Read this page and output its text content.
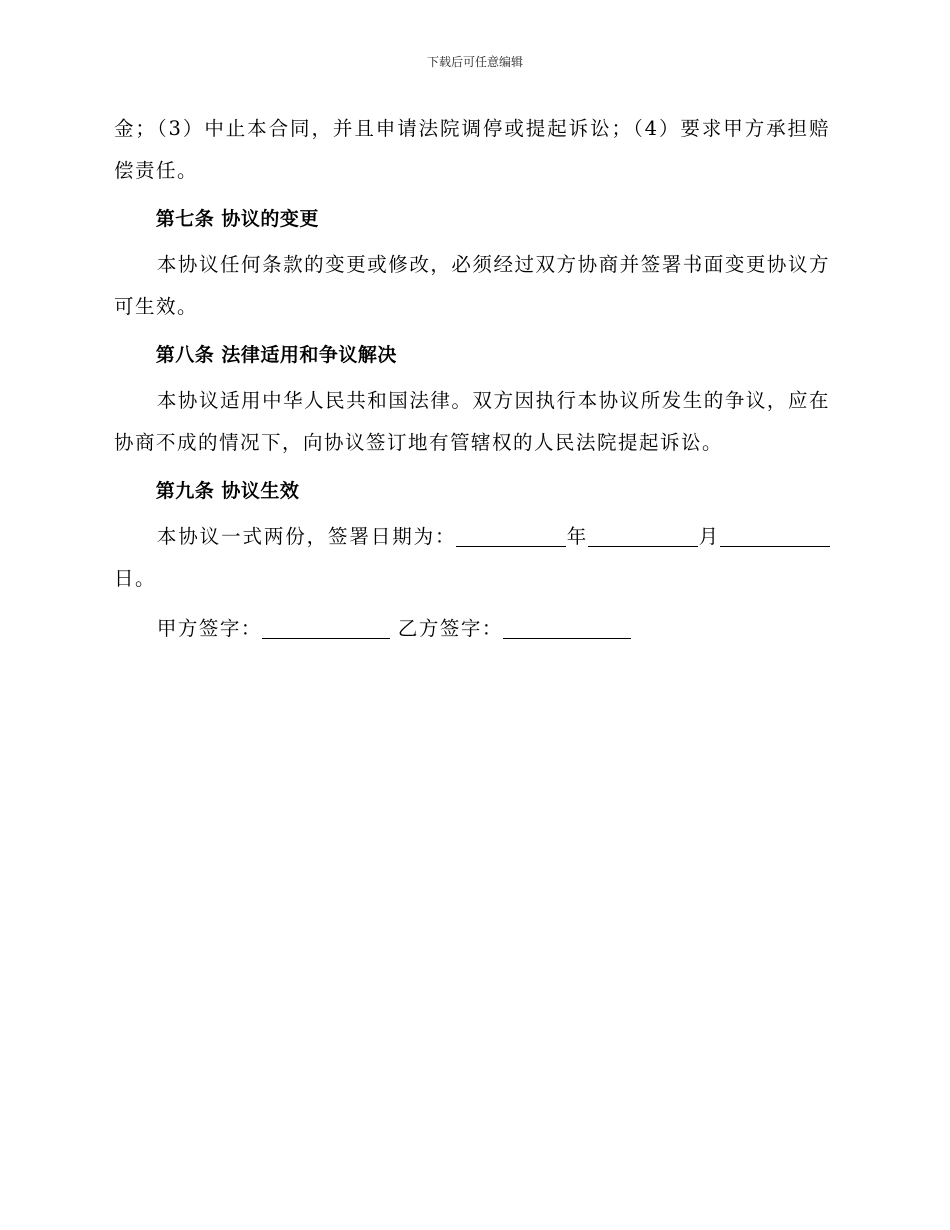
下载后可任意编辑

金；（3）中止本合同，并且申请法院调停或提起诉讼；（4）要求甲方承担赔偿责任。

第七条 协议的变更

本协议任何条款的变更或修改，必须经过双方协商并签署书面变更协议方可生效。

第八条 法律适用和争议解决

本协议适用中华人民共和国法律。双方因执行本协议所发生的争议，应在协商不成的情况下，向协议签订地有管辖权的人民法院提起诉讼。

第九条 协议生效

本协议一式两份，签署日期为：	年	月日。

甲方签字：	乙方签字：
